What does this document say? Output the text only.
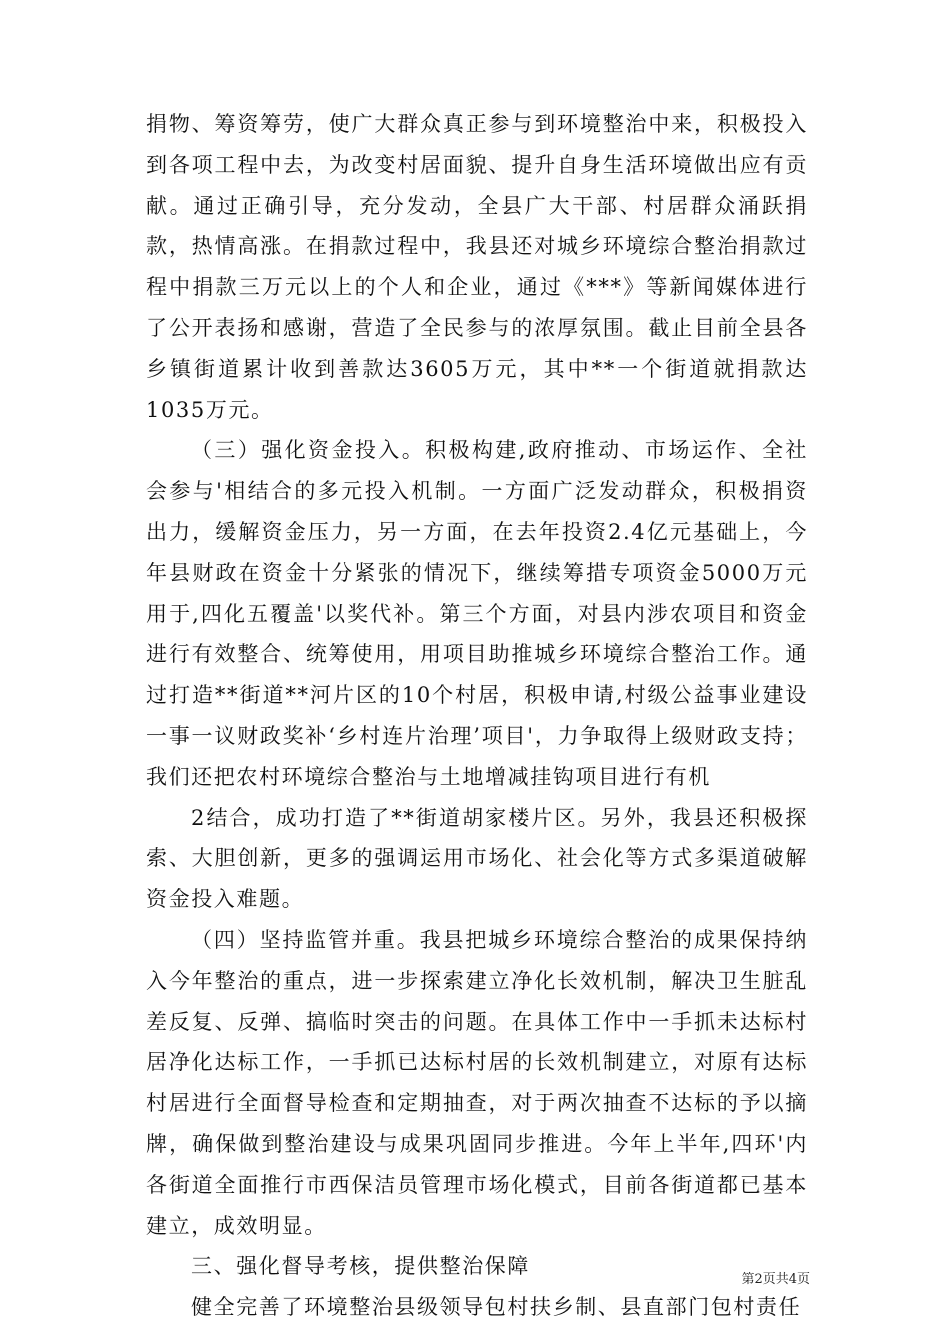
捐物、筹资筹劳，使广大群众真正参与到环境整治中来，积极投入到各项工程中去，为改变村居面貌、提升自身生活环境做出应有贡献。通过正确引导，充分发动，全县广大干部、村居群众涌跃捐款，热情高涨。在捐款过程中，我县还对城乡环境综合整治捐款过程中捐款三万元以上的个人和企业，通过《***》等新闻媒体进行了公开表扬和感谢，营造了全民参与的浓厚氛围。截止目前全县各乡镇街道累计收到善款达3605万元，其中**一个街道就捐款达1035万元。

（三）强化资金投入。积极构建,政府推动、市场运作、全社会参与'相结合的多元投入机制。一方面广泛发动群众，积极捐资出力，缓解资金压力，另一方面，在去年投资2.4亿元基础上，今年县财政在资金十分紧张的情况下，继续筹措专项资金5000万元用于,四化五覆盖'以奖代补。第三个方面，对县内涉农项目和资金进行有效整合、统筹使用，用项目助推城乡环境综合整治工作。通过打造**街道**河片区的10个村居，积极申请,村级公益事业建设一事一议财政奖补‘乡村连片治理’项目'，力争取得上级财政支持；我们还把农村环境综合整治与土地增减挂钩项目进行有机

2结合，成功打造了**街道胡家楼片区。另外，我县还积极探索、大胆创新，更多的强调运用市场化、社会化等方式多渠道破解资金投入难题。

（四）坚持监管并重。我县把城乡环境综合整治的成果保持纳入今年整治的重点，进一步探索建立净化长效机制，解决卫生脏乱差反复、反弹、搞临时突击的问题。在具体工作中一手抓未达标村居净化达标工作，一手抓已达标村居的长效机制建立，对原有达标村居进行全面督导检查和定期抽查，对于两次抽查不达标的予以摘牌，确保做到整治建设与成果巩固同步推进。今年上半年,四环'内各街道全面推行市西保洁员管理市场化模式，目前各街道都已基本建立，成效明显。

三、强化督导考核，提供整治保障

健全完善了环境整治县级领导包村扶乡制、县直部门包村责任

第2页共4页
